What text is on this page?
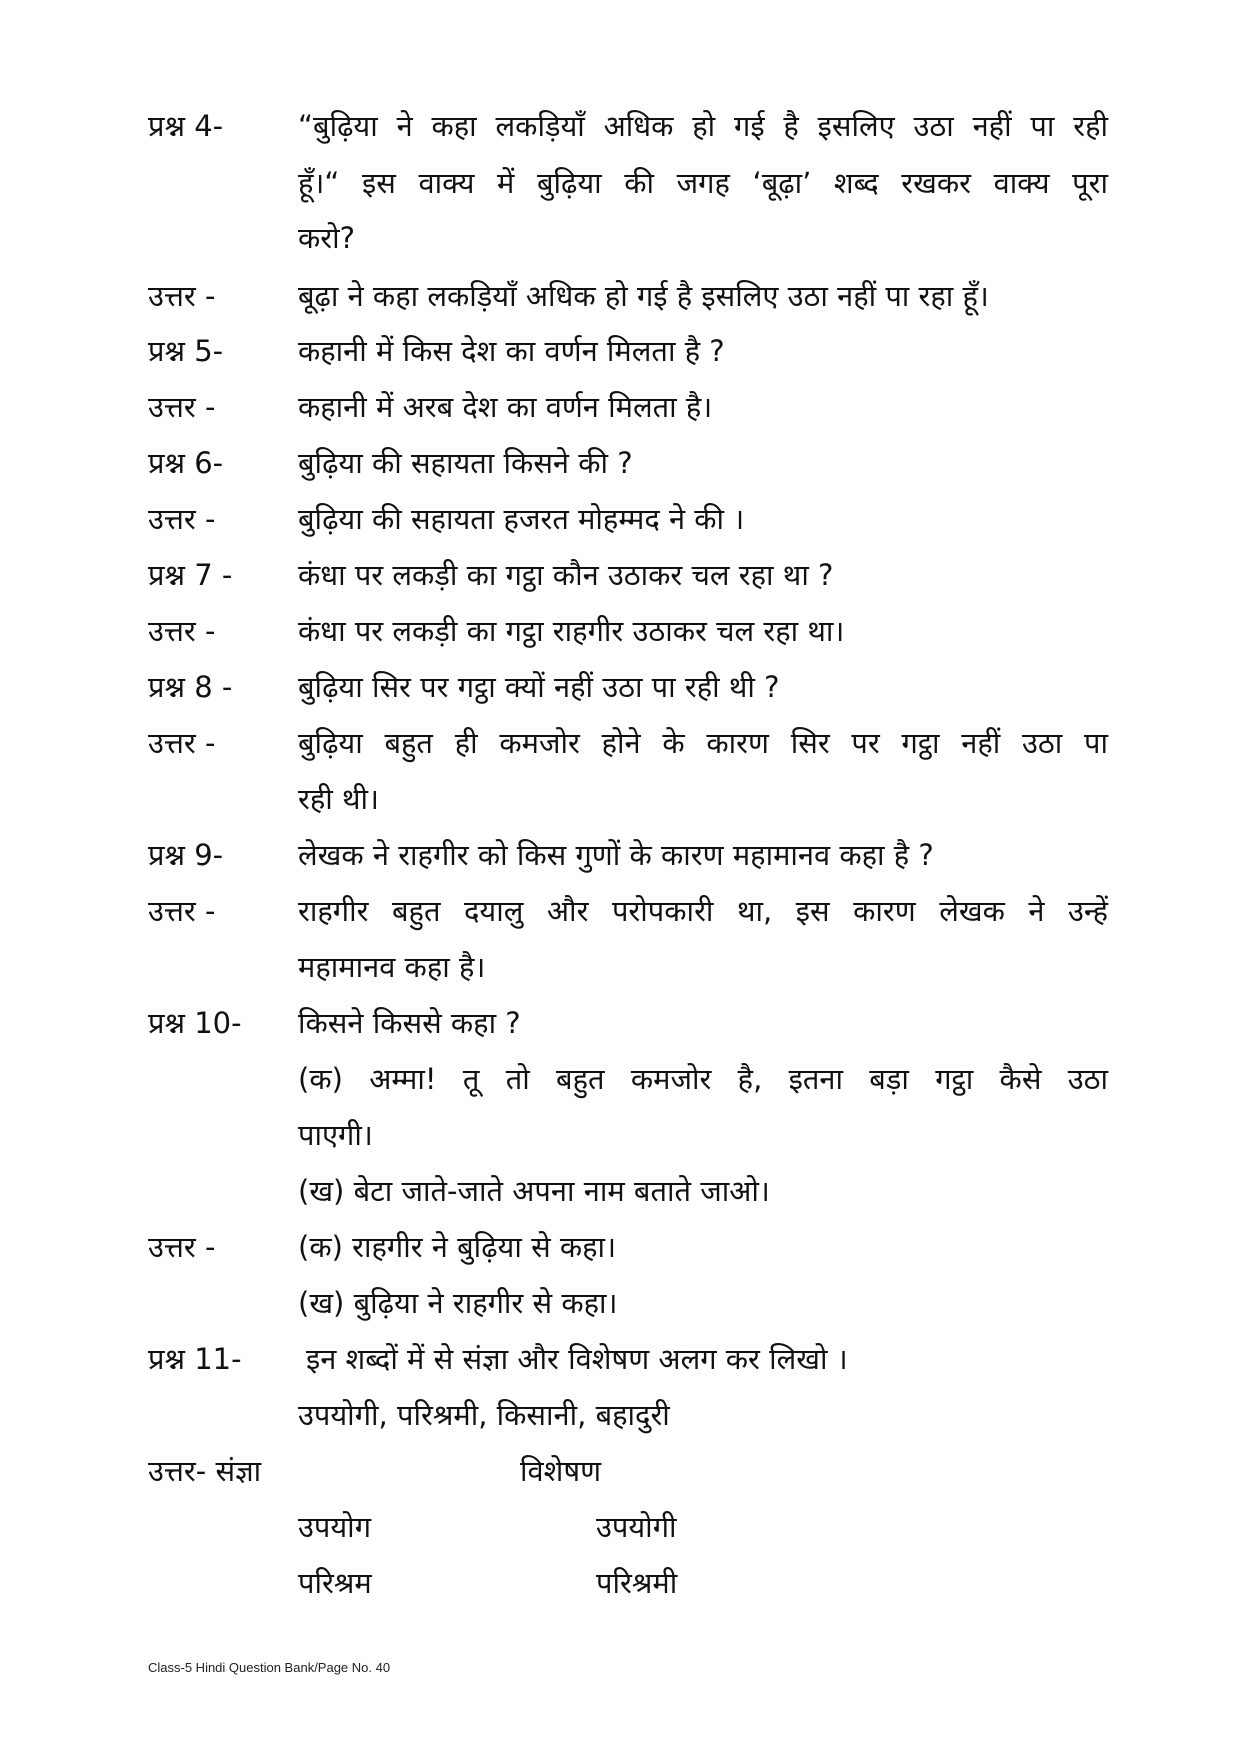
प्रश्न 4-	“बुढ़िया ने कहा लकड़ियाँ अधिक हो गई है इसलिए उठा नहीं पा रही
हूँ।“ इस वाक्य में बुढ़िया की जगह ‘बूढ़ा’ शब्द रखकर वाक्य पूरा
करो?
उत्तर -	बूढ़ा ने कहा लकड़ियाँ अधिक हो गई है इसलिए उठा नहीं पा रहा हूँ।
प्रश्न 5-	कहानी में किस देश का वर्णन मिलता है ?
उत्तर -	कहानी में अरब देश का वर्णन मिलता है।
प्रश्न 6-	बुढ़िया की सहायता किसने की ?
उत्तर -	बुढ़िया की सहायता हजरत मोहम्मद ने की ।
प्रश्न 7 - कंधा पर लकड़ी का गट्ठा कौन उठाकर चल रहा था ?
उत्तर -	कंधा पर लकड़ी का गट्ठा राहगीर उठाकर चल रहा था।
प्रश्न 8 - बुढ़िया सिर पर गट्ठा क्यों नहीं उठा पा रही थी ?
उत्तर -	बुढ़िया बहुत ही कमजोर होने के कारण सिर पर गट्ठा नहीं उठा पा
रही थी।
प्रश्न 9-	लेखक ने राहगीर को किस गुणों के कारण महामानव कहा है ?
उत्तर -	राहगीर बहुत दयालु और परोपकारी था, इस कारण लेखक ने उन्हें
महामानव कहा है।
प्रश्न 10- किसने किससे कहा ?
(क) अम्मा! तू तो बहुत कमजोर है, इतना बड़ा गट्ठा कैसे उठा
पाएगी।
(ख) बेटा जाते-जाते अपना नाम बताते जाओ।
उत्तर -	(क) राहगीर ने बुढ़िया से कहा।
(ख) बुढ़िया ने राहगीर से कहा।
प्रश्न 11- इन शब्दों में से संज्ञा और विशेषण अलग कर लिखो ।
उपयोगी, परिश्रमी, किसानी, बहादुरी
उत्तर- संज्ञा	विशेषण
उपयोग	उपयोगी
परिश्रम	परिश्रमी
Class-5 Hindi Question Bank/Page No. 40
